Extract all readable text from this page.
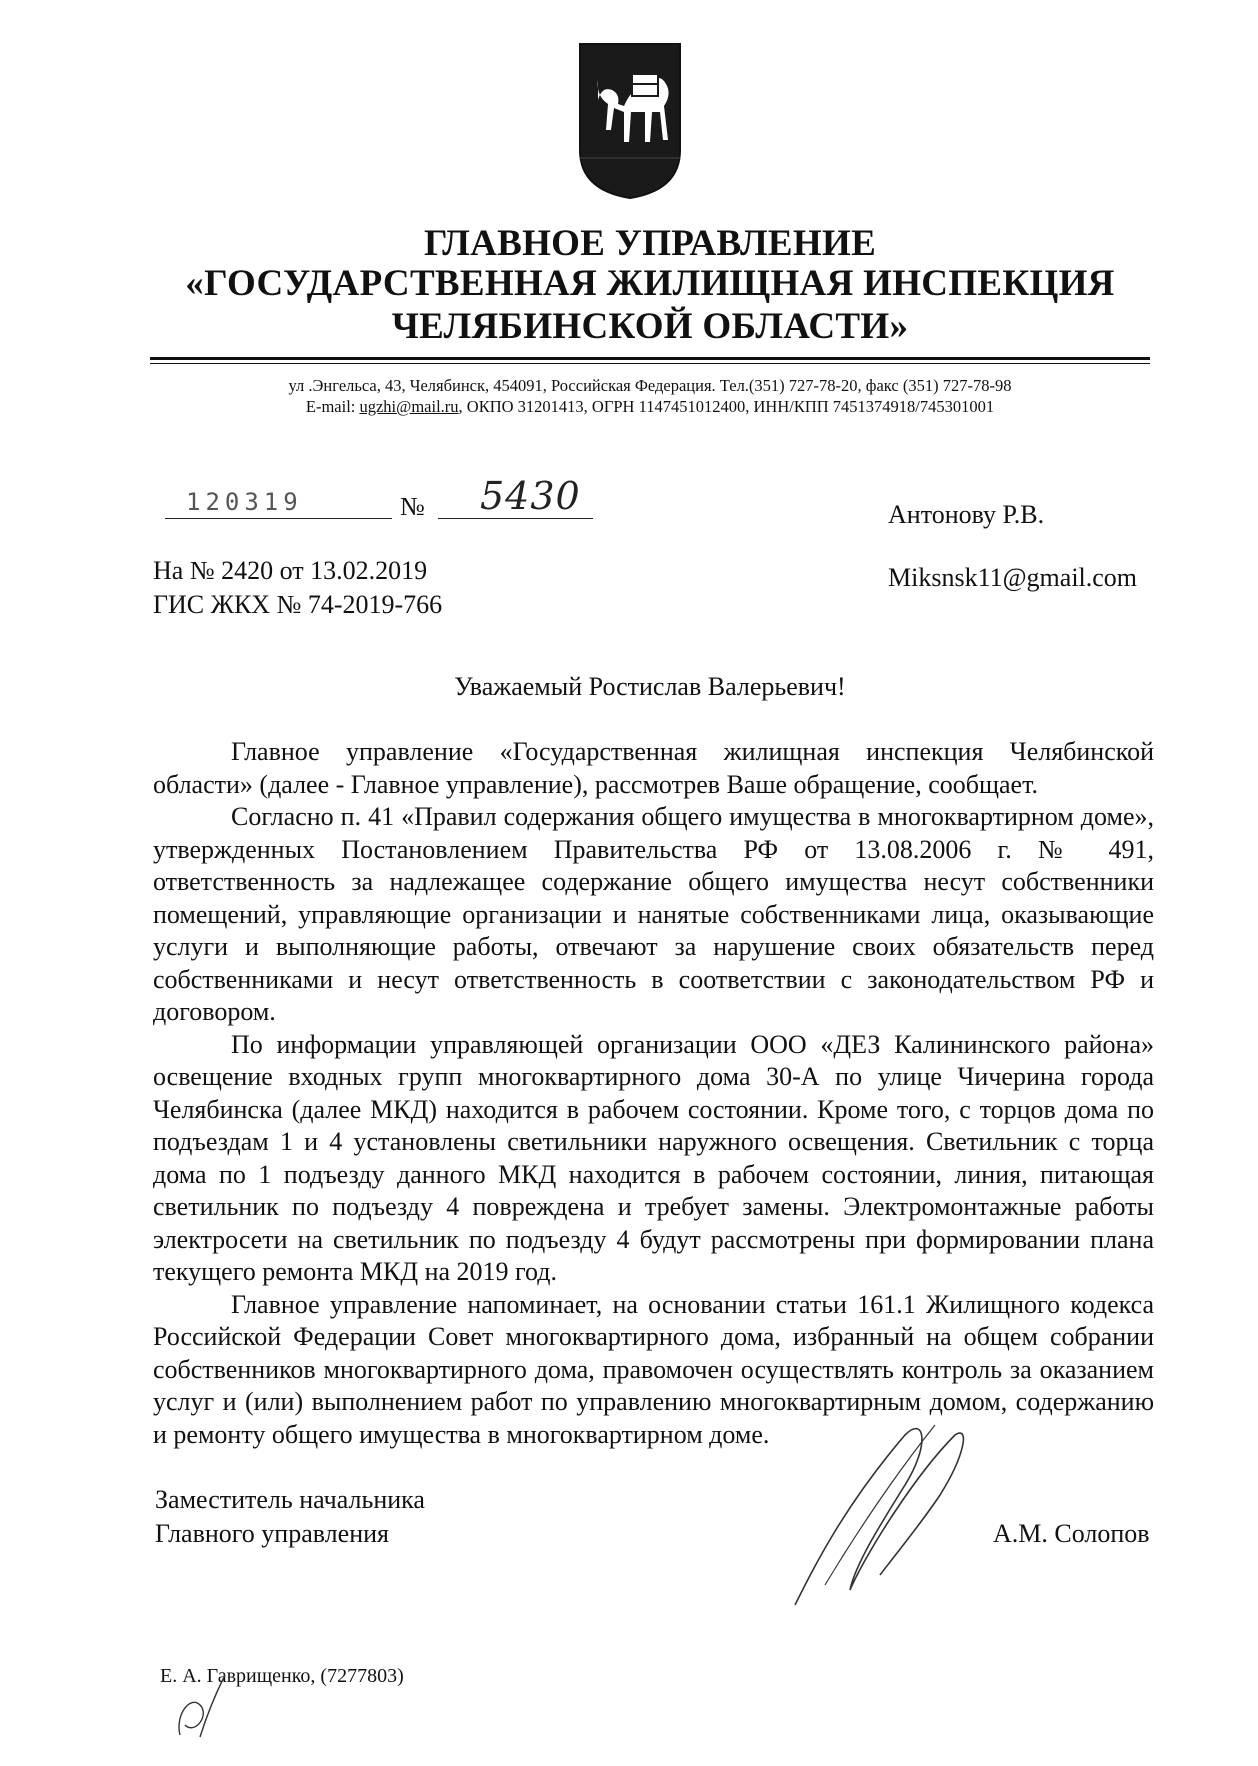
ГЛАВНОЕ УПРАВЛЕНИЕ
«ГОСУДАРСТВЕННАЯ ЖИЛИЩНАЯ ИНСПЕКЦИЯ
ЧЕЛЯБИНСКОЙ ОБЛАСТИ»
ул .Энгельса, 43, Челябинск, 454091, Российская Федерация. Тел.(351) 727-78-20, факс (351) 727-78-98
E-mail: ugzhi@mail.ru, ОКПО 31201413, ОГРН 1147451012400, ИНН/КПП 7451374918/745301001
120319	№ 5430	Антонову Р.В.
Miksnsk11@gmail.com
На № 2420 от 13.02.2019
ГИС ЖКХ № 74-2019-766
Уважаемый Ростислав Валерьевич!

Главное управление «Государственная жилищная инспекция Челябинской области» (далее - Главное управление), рассмотрев Ваше обращение, сообщает.

Согласно п. 41 «Правил содержания общего имущества в многоквартирном доме», утвержденных Постановлением Правительства РФ от 13.08.2006 г. № 491, ответственность за надлежащее содержание общего имущества несут собственники помещений, управляющие организации и нанятые собственниками лица, оказывающие услуги и выполняющие работы, отвечают за нарушение своих обязательств перед собственниками и несут ответственность в соответствии с законодательством РФ и договором.

По информации управляющей организации ООО «ДЕЗ Калининского района» освещение входных групп многоквартирного дома 30-А по улице Чичерина города Челябинска (далее МКД) находится в рабочем состоянии. Кроме того, с торцов дома по подъездам 1 и 4 установлены светильники наружного освещения. Светильник с торца дома по 1 подъезду данного МКД находится в рабочем состоянии, линия, питающая светильник по подъезду 4 повреждена и требует замены. Электромонтажные работы электросети на светильник по подъезду 4 будут рассмотрены при формировании плана текущего ремонта МКД на 2019 год.

Главное управление напоминает, на основании статьи 161.1 Жилищного кодекса Российской Федерации Совет многоквартирного дома, избранный на общем собрании собственников многоквартирного дома, правомочен осуществлять контроль за оказанием услуг и (или) выполнением работ по управлению многоквартирным домом, содержанию и ремонту общего имущества в многоквартирном доме.

Заместитель начальника
Главного управления	А.М. Солопов
Е. А. Гаврищенко, (7277803)
